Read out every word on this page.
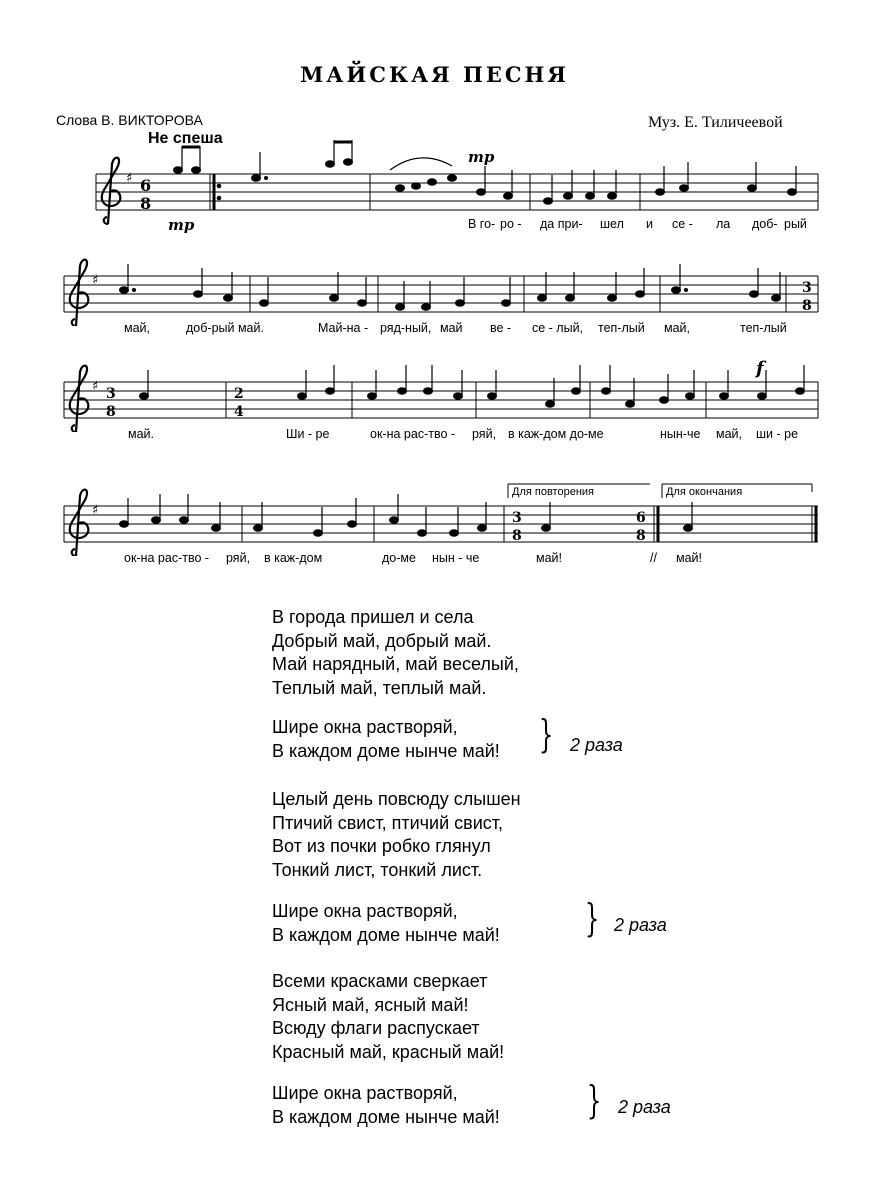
МАЙСКАЯ ПЕСНЯ
Слова В. ВИКТОРОВА	Муз. Е. Тиличеевой
Не спеша
♯ 6
8
mp
mp
В го- ро - да при- шел и се - ла доб- рый
♯	3
8
май,	доб-рый май.	Май-на - ряд-ный, май ве - се - лый, теп-лый май,	теп-лый
♯ 3
8
2
4
f
май.	Ши - ре	ок-на рас-тво - ряй, в каж-дом до-ме	нын-че май, ши - ре
♯	3
8
6
8
Для повторения	Для окончания
ок-на рас-тво - ряй, в каж-дом	до-ме нын - че	май!	// май!
В города пришел и села
Добрый май, добрый май.
Май нарядный, май веселый,
Теплый май, теплый май.
Шире окна растворяй,
В каждом доме нынче май! } 2 раза
Целый день повсюду слышен
Птичий свист, птичий свист,
Вот из почки робко глянул
Тонкий лист, тонкий лист.
Шире окна растворяй,
В каждом доме нынче май! } 2 раза
Всеми красками сверкает
Ясный май, ясный май!
Всюду флаги распускает
Красный май, красный май!
Шире окна растворяй,
В каждом доме нынче май! } 2 раза
